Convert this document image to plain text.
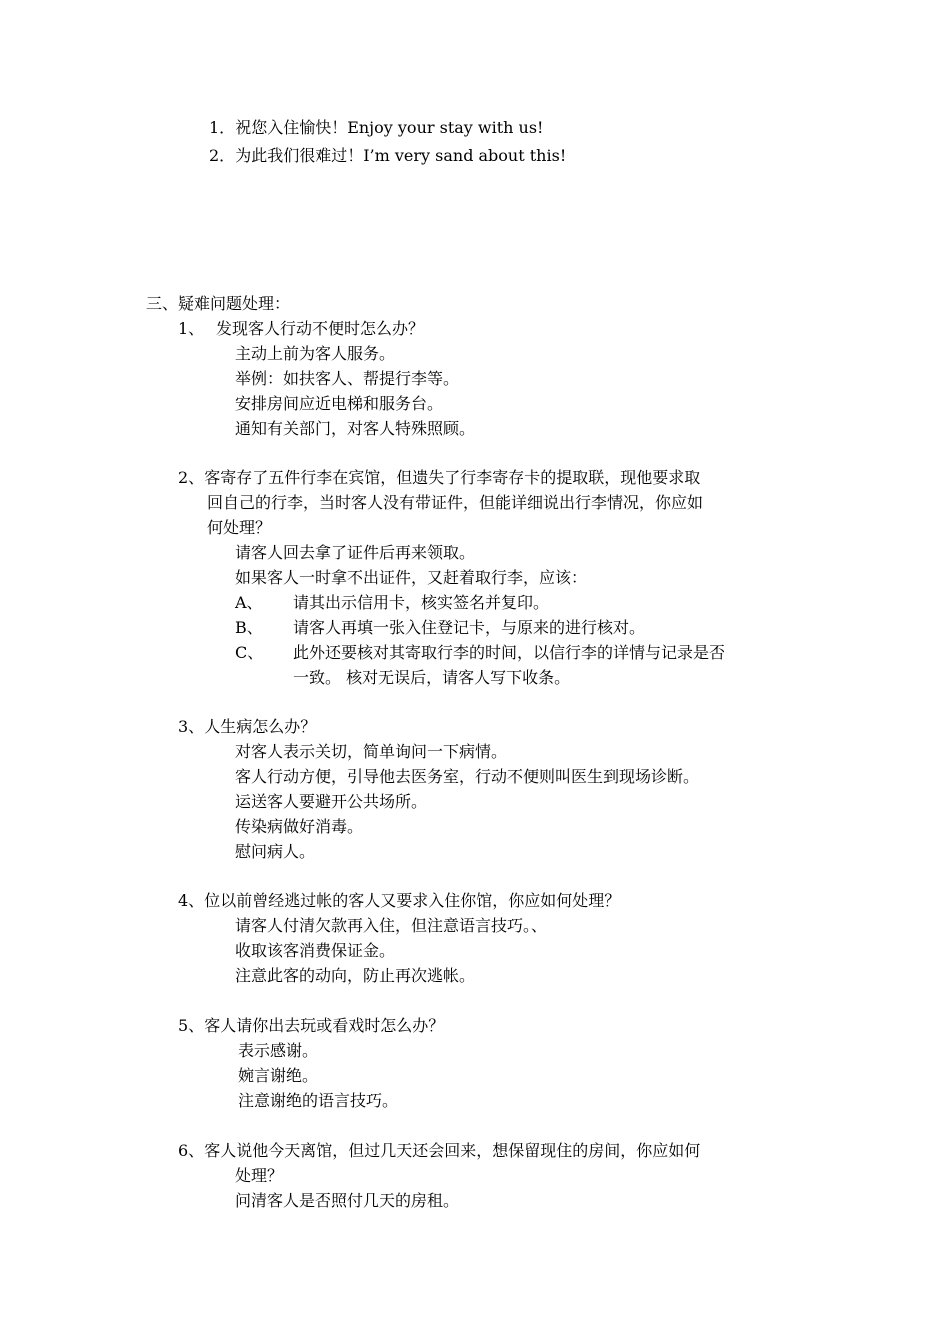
1．祝您入住愉快！Enjoy your stay with us!
2．为此我们很难过！I’m very sand about this!
三、疑难问题处理：
1、 发现客人行动不便时怎么办？
主动上前为客人服务。
举例：如扶客人、帮提行李等。
安排房间应近电梯和服务台。
通知有关部门，对客人特殊照顾。
2、客寄存了五件行李在宾馆，但遗失了行李寄存卡的提取联，现他要求取
回自己的行李，当时客人没有带证件，但能详细说出行李情况，你应如
何处理？
请客人回去拿了证件后再来领取。
如果客人一时拿不出证件，又赶着取行李，应该：
A、 请其出示信用卡，核实签名并复印。
B、 请客人再填一张入住登记卡，与原来的进行核对。
C、 此外还要核对其寄取行李的时间，以信行李的详情与记录是否
一致。 核对无误后，请客人写下收条。
3、人生病怎么办？
对客人表示关切，简单询问一下病情。
客人行动方便，引导他去医务室，行动不便则叫医生到现场诊断。
运送客人要避开公共场所。
传染病做好消毒。
慰问病人。
4、位以前曾经逃过帐的客人又要求入住你馆，你应如何处理？
请客人付清欠款再入住，但注意语言技巧。、
收取该客消费保证金。
注意此客的动向，防止再次逃帐。
5、客人请你出去玩或看戏时怎么办？
表示感谢。
婉言谢绝。
注意谢绝的语言技巧。
6、客人说他今天离馆，但过几天还会回来，想保留现住的房间，你应如何
处理？
问清客人是否照付几天的房租。
